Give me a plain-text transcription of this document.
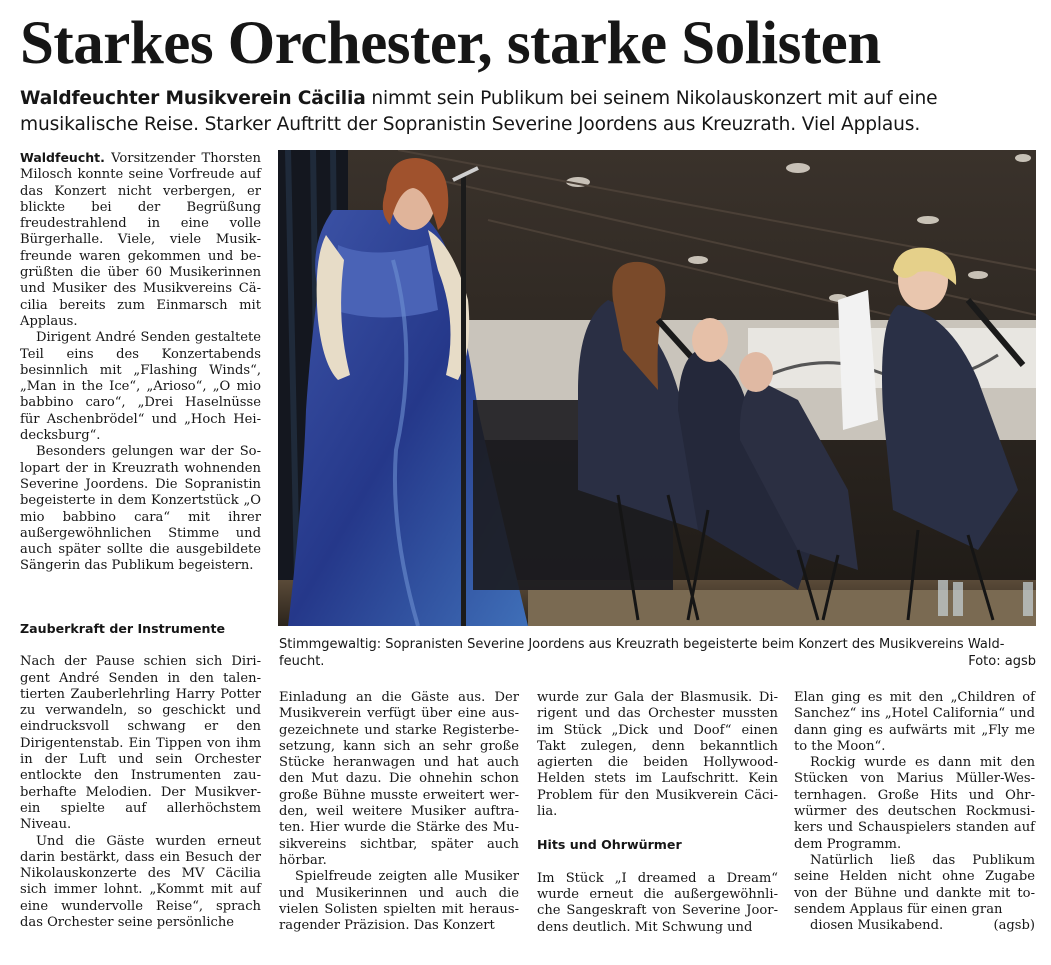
Starkes Orchester, starke Solisten

Waldfeuchter Musikverein Cäcilia nimmt sein Publikum bei seinem Nikolauskonzert mit auf eine musikalische Reise. Starker Auftritt der Sopranistin Severine Joordens aus Kreuzrath. Viel Applaus.

Waldfeucht. Vorsitzender Thorsten Milosch konnte seine Vorfreude auf das Konzert nicht verbergen, er blickte bei der Begrüßung freudestrahlend in eine volle Bürgerhalle. Viele, viele Musikfreunde waren gekommen und begrüßten die über 60 Musikerinnen und Musiker des Musikvereins Cäcilia bereits zum Einmarsch mit Applaus.

Dirigent André Senden gestaltete Teil eins des Konzertabends besinnlich mit „Flashing Winds“, „Man in the Ice“, „Arioso“, „O mio babbino caro“, „Drei Haselnüsse für Aschenbrödel“ und „Hoch Heidecksburg“.

Besonders gelungen war der Solopart der in Kreuzrath wohnenden Severine Joordens. Die Sopranistin begeisterte in dem Konzertstück „O mio babbino cara“ mit ihrer außergewöhnlichen Stimme und auch später sollte die ausgebildete Sängerin das Publikum begeistern.

Zauberkraft der Instrumente

Nach der Pause schien sich Dirigent André Senden in den talentierten Zauberlehrling Harry Potter zu verwandeln, so geschickt und eindrucksvoll schwang er den Dirigentenstab. Ein Tippen von ihm in der Luft und sein Orchester entlockte den Instrumenten zauberhafte Melodien. Der Musikverein spielte auf allerhöchstem Niveau.

Und die Gäste wurden erneut darin bestärkt, dass ein Besuch der Nikolauskonzerte des MV Cäcilia sich immer lohnt. „Kommt mit auf eine wundervolle Reise“, sprach das Orchester seine persönliche

Stimmgewaltig: Sopranisten Severine Joordens aus Kreuzrath begeisterte beim Konzert des Musikvereins Waldfeucht.	Foto: agsb

Einladung an die Gäste aus. Der Musikverein verfügt über eine ausgezeichnete und starke Registerbesetzung, kann sich an sehr große Stücke heranwagen und hat auch den Mut dazu. Die ohnehin schon große Bühne musste erweitert werden, weil weitere Musiker auftraten. Hier wurde die Stärke des Musikvereins sichtbar, später auch hörbar.

Spielfreude zeigten alle Musiker und Musikerinnen und auch die vielen Solisten spielten mit herausragender Präzision. Das Konzert

wurde zur Gala der Blasmusik. Dirigent und das Orchester mussten im Stück „Dick und Doof“ einen Takt zulegen, denn bekanntlich agierten die beiden Hollywood-Helden stets im Laufschritt. Kein Problem für den Musikverein Cäcilia.

Hits und Ohrwürmer

Im Stück „I dreamed a Dream“ wurde erneut die außergewöhnliche Sangeskraft von Severine Joordens deutlich. Mit Schwung und

Elan ging es mit den „Children of Sanchez“ ins „Hotel California“ und dann ging es aufwärts mit „Fly me to the Moon“.

Rockig wurde es dann mit den Stücken von Marius Müller-Westernhagen. Große Hits und Ohrwürmer des deutschen Rockmusikers und Schauspielers standen auf dem Programm.

Natürlich ließ das Publikum seine Helden nicht ohne Zugabe von der Bühne und dankte mit tosendem Applaus für einen gran

diosen Musikabend.	(agsb)
